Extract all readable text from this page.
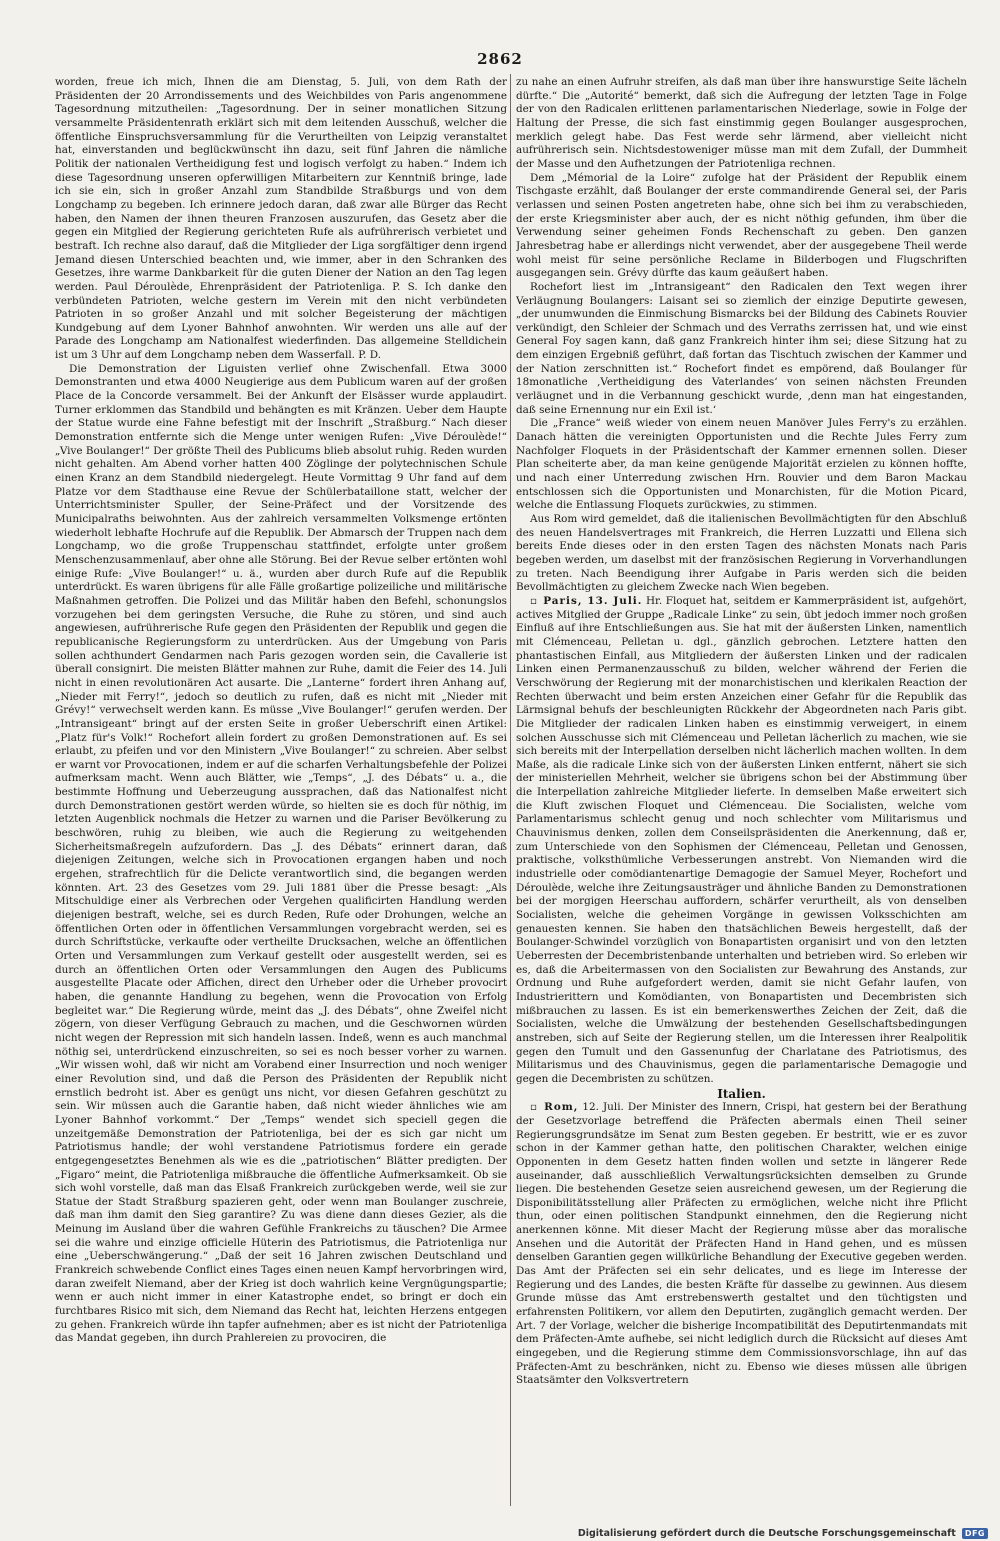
2862

worden, freue ich mich, Ihnen die am Dienstag, 5. Juli, von dem Rath der Präsidenten der 20 Arrondissements und des Weichbildes von Paris angenommene Tagesordnung mitzutheilen: „Tagesordnung. Der in seiner monatlichen Sitzung versammelte Präsidentenrath erklärt sich mit dem leitenden Ausschuß, welcher die öffentliche Einspruchsversammlung für die Verurtheilten von Leipzig veranstaltet hat, einverstanden und beglückwünscht ihn dazu, seit fünf Jahren die nämliche Politik der nationalen Vertheidigung fest und logisch verfolgt zu haben.“ Indem ich diese Tagesordnung unseren opferwilligen Mitarbeitern zur Kenntniß bringe, lade ich sie ein, sich in großer Anzahl zum Standbilde Straßburgs und von dem Longchamp zu begeben. Ich erinnere jedoch daran, daß zwar alle Bürger das Recht haben, den Namen der ihnen theuren Franzosen auszurufen, das Gesetz aber die gegen ein Mitglied der Regierung gerichteten Rufe als aufrührerisch verbietet und bestraft. Ich rechne also darauf, daß die Mitglieder der Liga sorgfältiger denn irgend Jemand diesen Unterschied beachten und, wie immer, aber in den Schranken des Gesetzes, ihre warme Dankbarkeit für die guten Diener der Nation an den Tag legen werden. Paul Déroulède, Ehrenpräsident der Patriotenliga. P. S. Ich danke den verbündeten Patrioten, welche gestern im Verein mit den nicht verbündeten Patrioten in so großer Anzahl und mit solcher Begeisterung der mächtigen Kundgebung auf dem Lyoner Bahnhof anwohnten. Wir werden uns alle auf der Parade des Longchamp am Nationalfest wiederfinden. Das allgemeine Stelldichein ist um 3 Uhr auf dem Longchamp neben dem Wasserfall. P. D.

Die Demonstration der Liguisten verlief ohne Zwischenfall. Etwa 3000 Demonstranten und etwa 4000 Neugierige aus dem Publicum waren auf der großen Place de la Concorde versammelt. Bei der Ankunft der Elsässer wurde applaudirt. Turner erklommen das Standbild und behängten es mit Kränzen. Ueber dem Haupte der Statue wurde eine Fahne befestigt mit der Inschrift „Straßburg.“ Nach dieser Demonstration entfernte sich die Menge unter wenigen Rufen: „Vive Déroulède!“ „Vive Boulanger!“ Der größte Theil des Publicums blieb absolut ruhig. Reden wurden nicht gehalten. Am Abend vorher hatten 400 Zöglinge der polytechnischen Schule einen Kranz an dem Standbild niedergelegt. Heute Vormittag 9 Uhr fand auf dem Platze vor dem Stadthause eine Revue der Schülerbataillone statt, welcher der Unterrichtsminister Spuller, der Seine-Präfect und der Vorsitzende des Municipalraths beiwohnten. Aus der zahlreich versammelten Volksmenge ertönten wiederholt lebhafte Hochrufe auf die Republik. Der Abmarsch der Truppen nach dem Longchamp, wo die große Truppenschau stattfindet, erfolgte unter großem Menschenzusammenlauf, aber ohne alle Störung. Bei der Revue selber ertönten wohl einige Rufe: „Vive Boulanger!“ u. ä., wurden aber durch Rufe auf die Republik unterdrückt. Es waren übrigens für alle Fälle großartige polizeiliche und militärische Maßnahmen getroffen. Die Polizei und das Militär haben den Befehl, schonungslos vorzugehen bei dem geringsten Versuche, die Ruhe zu stören, und sind auch angewiesen, aufrührerische Rufe gegen den Präsidenten der Republik und gegen die republicanische Regierungsform zu unterdrücken. Aus der Umgebung von Paris sollen achthundert Gendarmen nach Paris gezogen worden sein, die Cavallerie ist überall consignirt. Die meisten Blätter mahnen zur Ruhe, damit die Feier des 14. Juli nicht in einen revolutionären Act ausarte. Die „Lanterne“ fordert ihren Anhang auf, „Nieder mit Ferry!“, jedoch so deutlich zu rufen, daß es nicht mit „Nieder mit Grévy!“ verwechselt werden kann. Es müsse „Vive Boulanger!“ gerufen werden. Der „Intransigeant“ bringt auf der ersten Seite in großer Ueberschrift einen Artikel: „Platz für's Volk!“ Rochefort allein fordert zu großen Demonstrationen auf. Es sei erlaubt, zu pfeifen und vor den Ministern „Vive Boulanger!“ zu schreien. Aber selbst er warnt vor Provocationen, indem er auf die scharfen Verhaltungsbefehle der Polizei aufmerksam macht. Wenn auch Blätter, wie „Temps“, „J. des Débats“ u. a., die bestimmte Hoffnung und Ueberzeugung aussprachen, daß das Nationalfest nicht durch Demonstrationen gestört werden würde, so hielten sie es doch für nöthig, im letzten Augenblick nochmals die Hetzer zu warnen und die Pariser Bevölkerung zu beschwören, ruhig zu bleiben, wie auch die Regierung zu weitgehenden Sicherheitsmaßregeln aufzufordern. Das „J. des Débats“ erinnert daran, daß diejenigen Zeitungen, welche sich in Provocationen ergangen haben und noch ergehen, strafrechtlich für die Delicte verantwortlich sind, die begangen werden könnten. Art. 23 des Gesetzes vom 29. Juli 1881 über die Presse besagt: „Als Mitschuldige einer als Verbrechen oder Vergehen qualificirten Handlung werden diejenigen bestraft, welche, sei es durch Reden, Rufe oder Drohungen, welche an öffentlichen Orten oder in öffentlichen Versammlungen vorgebracht werden, sei es durch Schriftstücke, verkaufte oder vertheilte Drucksachen, welche an öffentlichen Orten und Versammlungen zum Verkauf gestellt oder ausgestellt werden, sei es durch an öffentlichen Orten oder Versammlungen den Augen des Publicums ausgestellte Placate oder Affichen, direct den Urheber oder die Urheber provocirt haben, die genannte Handlung zu begehen, wenn die Provocation von Erfolg begleitet war.“ Die Regierung würde, meint das „J. des Débats“, ohne Zweifel nicht zögern, von dieser Verfügung Gebrauch zu machen, und die Geschwornen würden nicht wegen der Repression mit sich handeln lassen. Indeß, wenn es auch manchmal nöthig sei, unterdrückend einzuschreiten, so sei es noch besser vorher zu warnen. „Wir wissen wohl, daß wir nicht am Vorabend einer Insurrection und noch weniger einer Revolution sind, und daß die Person des Präsidenten der Republik nicht ernstlich bedroht ist. Aber es genügt uns nicht, vor diesen Gefahren geschützt zu sein. Wir müssen auch die Garantie haben, daß nicht wieder ähnliches wie am Lyoner Bahnhof vorkommt.“ Der „Temps“ wendet sich speciell gegen die unzeitgemäße Demonstration der Patriotenliga, bei der es sich gar nicht um Patriotismus handle; der wohl verstandene Patriotismus fordere ein gerade entgegengesetztes Benehmen als wie es die „patriotischen“ Blätter predigten. Der „Figaro“ meint, die Patriotenliga mißbrauche die öffentliche Aufmerksamkeit. Ob sie sich wohl vorstelle, daß man das Elsaß Frankreich zurückgeben werde, weil sie zur Statue der Stadt Straßburg spazieren geht, oder wenn man Boulanger zuschreie, daß man ihm damit den Sieg garantire? Zu was diene dann dieses Gezier, als die Meinung im Ausland über die wahren Gefühle Frankreichs zu täuschen? Die Armee sei die wahre und einzige officielle Hüterin des Patriotismus, die Patriotenliga nur eine „Ueberschwängerung.“ „Daß der seit 16 Jahren zwischen Deutschland und Frankreich schwebende Conflict eines Tages einen neuen Kampf hervorbringen wird, daran zweifelt Niemand, aber der Krieg ist doch wahrlich keine Vergnügungspartie; wenn er auch nicht immer in einer Katastrophe endet, so bringt er doch ein furchtbares Risico mit sich, dem Niemand das Recht hat, leichten Herzens entgegen zu gehen. Frankreich würde ihn tapfer aufnehmen; aber es ist nicht der Patriotenliga das Mandat gegeben, ihn durch Prahlereien zu provociren, die

zu nahe an einen Aufruhr streifen, als daß man über ihre hanswurstige Seite lächeln dürfte.“ Die „Autorité“ bemerkt, daß sich die Aufregung der letzten Tage in Folge der von den Radicalen erlittenen parlamentarischen Niederlage, sowie in Folge der Haltung der Presse, die sich fast einstimmig gegen Boulanger ausgesprochen, merklich gelegt habe. Das Fest werde sehr lärmend, aber vielleicht nicht aufrührerisch sein. Nichtsdestoweniger müsse man mit dem Zufall, der Dummheit der Masse und den Aufhetzungen der Patriotenliga rechnen.

Dem „Mémorial de la Loire“ zufolge hat der Präsident der Republik einem Tischgaste erzählt, daß Boulanger der erste commandirende General sei, der Paris verlassen und seinen Posten angetreten habe, ohne sich bei ihm zu verabschieden, der erste Kriegsminister aber auch, der es nicht nöthig gefunden, ihm über die Verwendung seiner geheimen Fonds Rechenschaft zu geben. Den ganzen Jahresbetrag habe er allerdings nicht verwendet, aber der ausgegebene Theil werde wohl meist für seine persönliche Reclame in Bilderbogen und Flugschriften ausgegangen sein. Grévy dürfte das kaum geäußert haben.

Rochefort liest im „Intransigeant“ den Radicalen den Text wegen ihrer Verläugnung Boulangers: Laisant sei so ziemlich der einzige Deputirte gewesen, „der unumwunden die Einmischung Bismarcks bei der Bildung des Cabinets Rouvier verkündigt, den Schleier der Schmach und des Verraths zerrissen hat, und wie einst General Foy sagen kann, daß ganz Frankreich hinter ihm sei; diese Sitzung hat zu dem einzigen Ergebniß geführt, daß fortan das Tischtuch zwischen der Kammer und der Nation zerschnitten ist.“ Rochefort findet es empörend, daß Boulanger für 18monatliche ‚Vertheidigung des Vaterlandes‘ von seinen nächsten Freunden verläugnet und in die Verbannung geschickt wurde, ‚denn man hat eingestanden, daß seine Ernennung nur ein Exil ist.‘

Die „France“ weiß wieder von einem neuen Manöver Jules Ferry's zu erzählen. Danach hätten die vereinigten Opportunisten und die Rechte Jules Ferry zum Nachfolger Floquets in der Präsidentschaft der Kammer ernennen sollen. Dieser Plan scheiterte aber, da man keine genügende Majorität erzielen zu können hoffte, und nach einer Unterredung zwischen Hrn. Rouvier und dem Baron Mackau entschlossen sich die Opportunisten und Monarchisten, für die Motion Picard, welche die Entlassung Floquets zurückwies, zu stimmen.

Aus Rom wird gemeldet, daß die italienischen Bevollmächtigten für den Abschluß des neuen Handelsvertrages mit Frankreich, die Herren Luzzatti und Ellena sich bereits Ende dieses oder in den ersten Tagen des nächsten Monats nach Paris begeben werden, um daselbst mit der französischen Regierung in Vorverhandlungen zu treten. Nach Beendigung ihrer Aufgabe in Paris werden sich die beiden Bevollmächtigten zu gleichem Zwecke nach Wien begeben.

▫ Paris, 13. Juli. Hr. Floquet hat, seitdem er Kammerpräsident ist, aufgehört, actives Mitglied der Gruppe „Radicale Linke“ zu sein, übt jedoch immer noch großen Einfluß auf ihre Entschließungen aus. Sie hat mit der äußersten Linken, namentlich mit Clémenceau, Pelletan u. dgl., gänzlich gebrochen. Letztere hatten den phantastischen Einfall, aus Mitgliedern der äußersten Linken und der radicalen Linken einen Permanenzausschuß zu bilden, welcher während der Ferien die Verschwörung der Regierung mit der monarchistischen und klerikalen Reaction der Rechten überwacht und beim ersten Anzeichen einer Gefahr für die Republik das Lärmsignal behufs der beschleunigten Rückkehr der Abgeordneten nach Paris gibt. Die Mitglieder der radicalen Linken haben es einstimmig verweigert, in einem solchen Ausschusse sich mit Clémenceau und Pelletan lächerlich zu machen, wie sie sich bereits mit der Interpellation derselben nicht lächerlich machen wollten. In dem Maße, als die radicale Linke sich von der äußersten Linken entfernt, nähert sie sich der ministeriellen Mehrheit, welcher sie übrigens schon bei der Abstimmung über die Interpellation zahlreiche Mitglieder lieferte. In demselben Maße erweitert sich die Kluft zwischen Floquet und Clémenceau. Die Socialisten, welche vom Parlamentarismus schlecht genug und noch schlechter vom Militarismus und Chauvinismus denken, zollen dem Conseilspräsidenten die Anerkennung, daß er, zum Unterschiede von den Sophismen der Clémenceau, Pelletan und Genossen, praktische, volksthümliche Verbesserungen anstrebt. Von Niemanden wird die industrielle oder comödiantenartige Demagogie der Samuel Meyer, Rochefort und Déroulède, welche ihre Zeitungsausträger und ähnliche Banden zu Demonstrationen bei der morgigen Heerschau auffordern, schärfer verurtheilt, als von denselben Socialisten, welche die geheimen Vorgänge in gewissen Volksschichten am genauesten kennen. Sie haben den thatsächlichen Beweis hergestellt, daß der Boulanger-Schwindel vorzüglich von Bonapartisten organisirt und von den letzten Ueberresten der Decembristenbande unterhalten und betrieben wird. So erleben wir es, daß die Arbeitermassen von den Socialisten zur Bewahrung des Anstands, zur Ordnung und Ruhe aufgefordert werden, damit sie nicht Gefahr laufen, von Industrierittern und Komödianten, von Bonapartisten und Decembristen sich mißbrauchen zu lassen. Es ist ein bemerkenswerthes Zeichen der Zeit, daß die Socialisten, welche die Umwälzung der bestehenden Gesellschaftsbedingungen anstreben, sich auf Seite der Regierung stellen, um die Interessen ihrer Realpolitik gegen den Tumult und den Gassenunfug der Charlatane des Patriotismus, des Militarismus und des Chauvinismus, gegen die parlamentarische Demagogie und gegen die Decembristen zu schützen.

Italien.

▫ Rom, 12. Juli. Der Minister des Innern, Crispi, hat gestern bei der Berathung der Gesetzvorlage betreffend die Präfecten abermals einen Theil seiner Regierungsgrundsätze im Senat zum Besten gegeben. Er bestritt, wie er es zuvor schon in der Kammer gethan hatte, den politischen Charakter, welchen einige Opponenten in dem Gesetz hatten finden wollen und setzte in längerer Rede auseinander, daß ausschließlich Verwaltungsrücksichten demselben zu Grunde liegen. Die bestehenden Gesetze seien ausreichend gewesen, um der Regierung die Disponibilitätsstellung aller Präfecten zu ermöglichen, welche nicht ihre Pflicht thun, oder einen politischen Standpunkt einnehmen, den die Regierung nicht anerkennen könne. Mit dieser Macht der Regierung müsse aber das moralische Ansehen und die Autorität der Präfecten Hand in Hand gehen, und es müssen denselben Garantien gegen willkürliche Behandlung der Executive gegeben werden. Das Amt der Präfecten sei ein sehr delicates, und es liege im Interesse der Regierung und des Landes, die besten Kräfte für dasselbe zu gewinnen. Aus diesem Grunde müsse das Amt erstrebenswerth gestaltet und den tüchtigsten und erfahrensten Politikern, vor allem den Deputirten, zugänglich gemacht werden. Der Art. 7 der Vorlage, welcher die bisherige Incompatibilität des Deputirtenmandats mit dem Präfecten-Amte aufhebe, sei nicht lediglich durch die Rücksicht auf dieses Amt eingegeben, und die Regierung stimme dem Commissionsvorschlage, ihn auf das Präfecten-Amt zu beschränken, nicht zu. Ebenso wie dieses müssen alle übrigen Staatsämter den Volksvertretern

Digitalisierung gefördert durch die Deutsche Forschungsgemeinschaft	DFG
